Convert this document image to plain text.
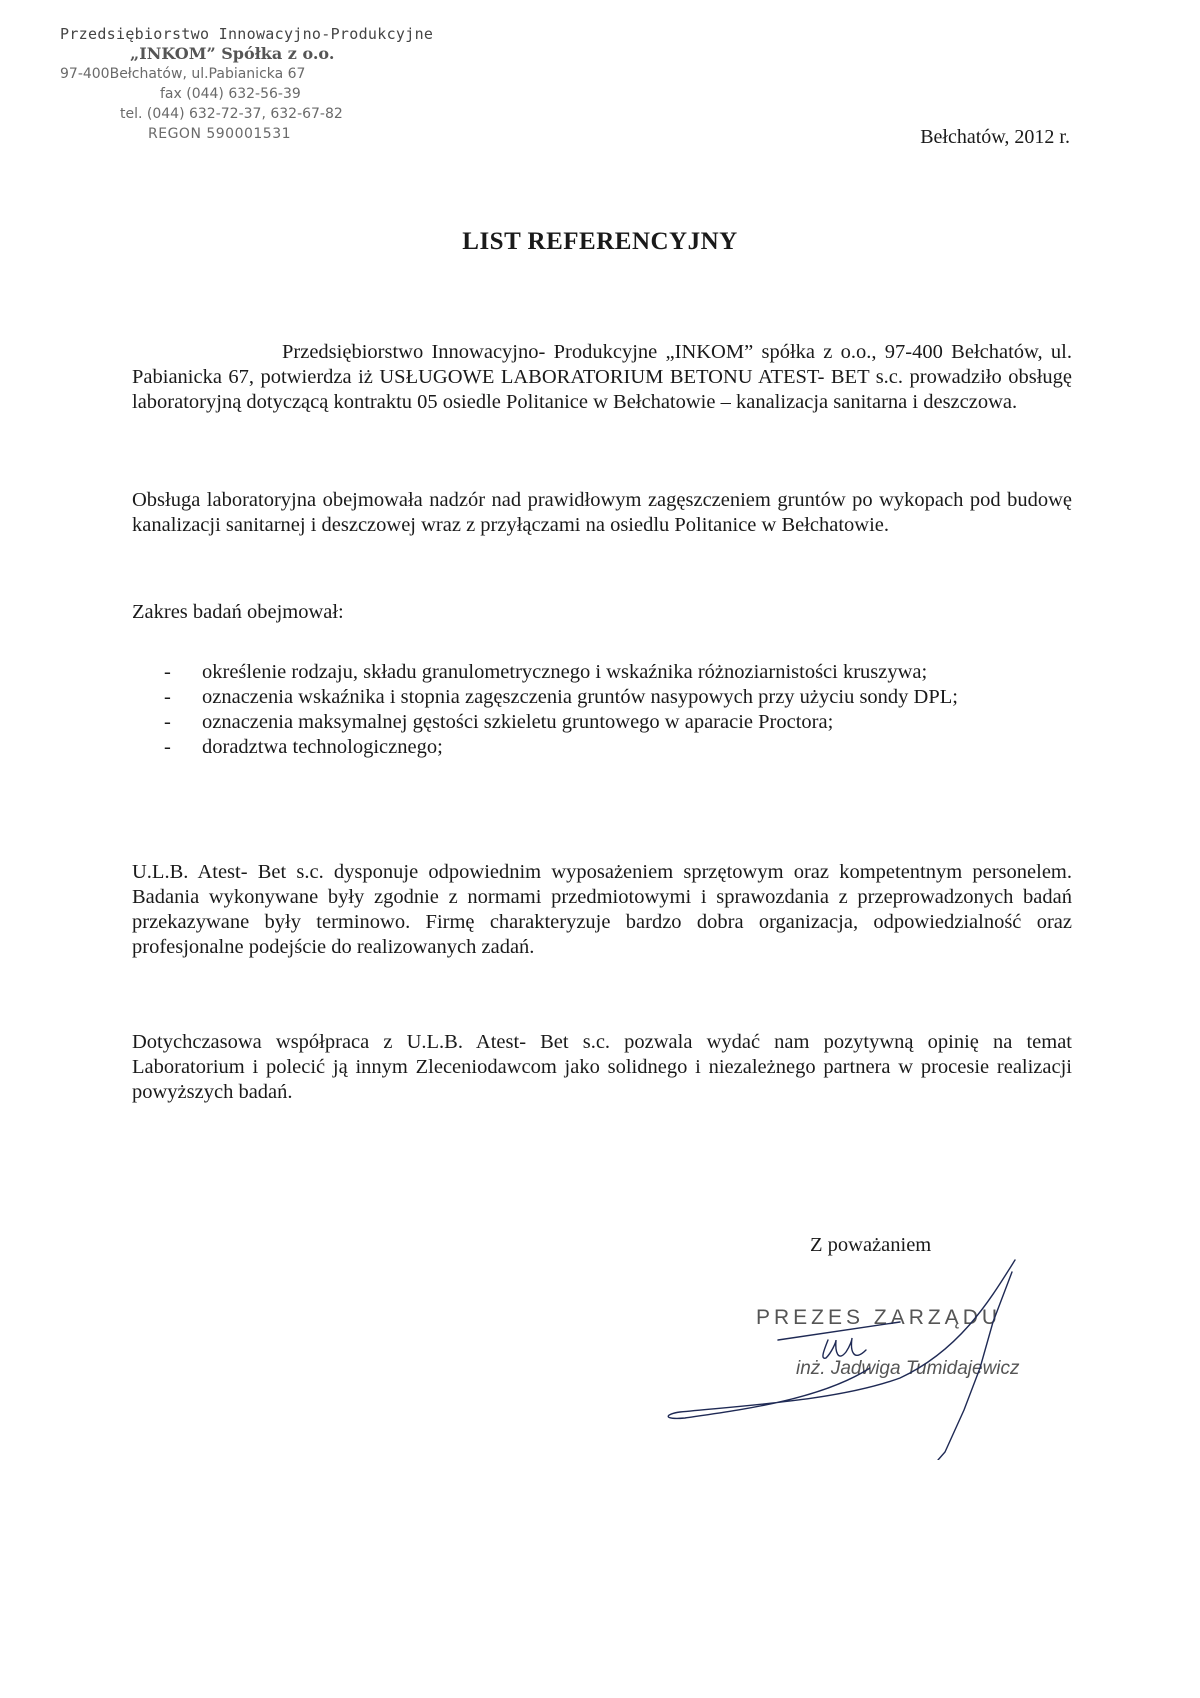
Przedsiębiorstwo Innowacyjno-Produkcyjne
„INKOM” Spółka z o.o.
97-400Bełchatów, ul.Pabianicka 67
fax (044) 632-56-39
tel. (044) 632-72-37, 632-67-82
REGON 590001531	Bełchatów, 2012 r.
LIST REFERENCYJNY
Przedsiębiorstwo Innowacyjno- Produkcyjne „INKOM” spółka z o.o., 97-400 Bełchatów, ul. Pabianicka 67, potwierdza iż USŁUGOWE LABORATORIUM BETONU ATEST- BET s.c. prowadziło obsługę laboratoryjną dotyczącą kontraktu 05 osiedle Politanice w Bełchatowie – kanalizacja sanitarna i deszczowa.
Obsługa laboratoryjna obejmowała nadzór nad prawidłowym zagęszczeniem gruntów po wykopach pod budowę kanalizacji sanitarnej i deszczowej wraz z przyłączami na osiedlu Politanice w Bełchatowie.
Zakres badań obejmował:
- określenie rodzaju, składu granulometrycznego i wskaźnika różnoziarnistości kruszywa;
- oznaczenia wskaźnika i stopnia zagęszczenia gruntów nasypowych przy użyciu sondy DPL;
- oznaczenia maksymalnej gęstości szkieletu gruntowego w aparacie Proctora;
- doradztwa technologicznego;
U.L.B. Atest- Bet s.c. dysponuje odpowiednim wyposażeniem sprzętowym oraz kompetentnym personelem. Badania wykonywane były zgodnie z normami przedmiotowymi i sprawozdania z przeprowadzonych badań przekazywane były terminowo. Firmę charakteryzuje bardzo dobra organizacja, odpowiedzialność oraz profesjonalne podejście do realizowanych zadań.
Dotychczasowa współpraca z U.L.B. Atest- Bet s.c. pozwala wydać nam pozytywną opinię na temat Laboratorium i polecić ją innym Zleceniodawcom jako solidnego i niezależnego partnera w procesie realizacji powyższych badań.
Z poważaniem
PREZES ZARZĄDU
inż. Jadwiga Tumidajewicz
